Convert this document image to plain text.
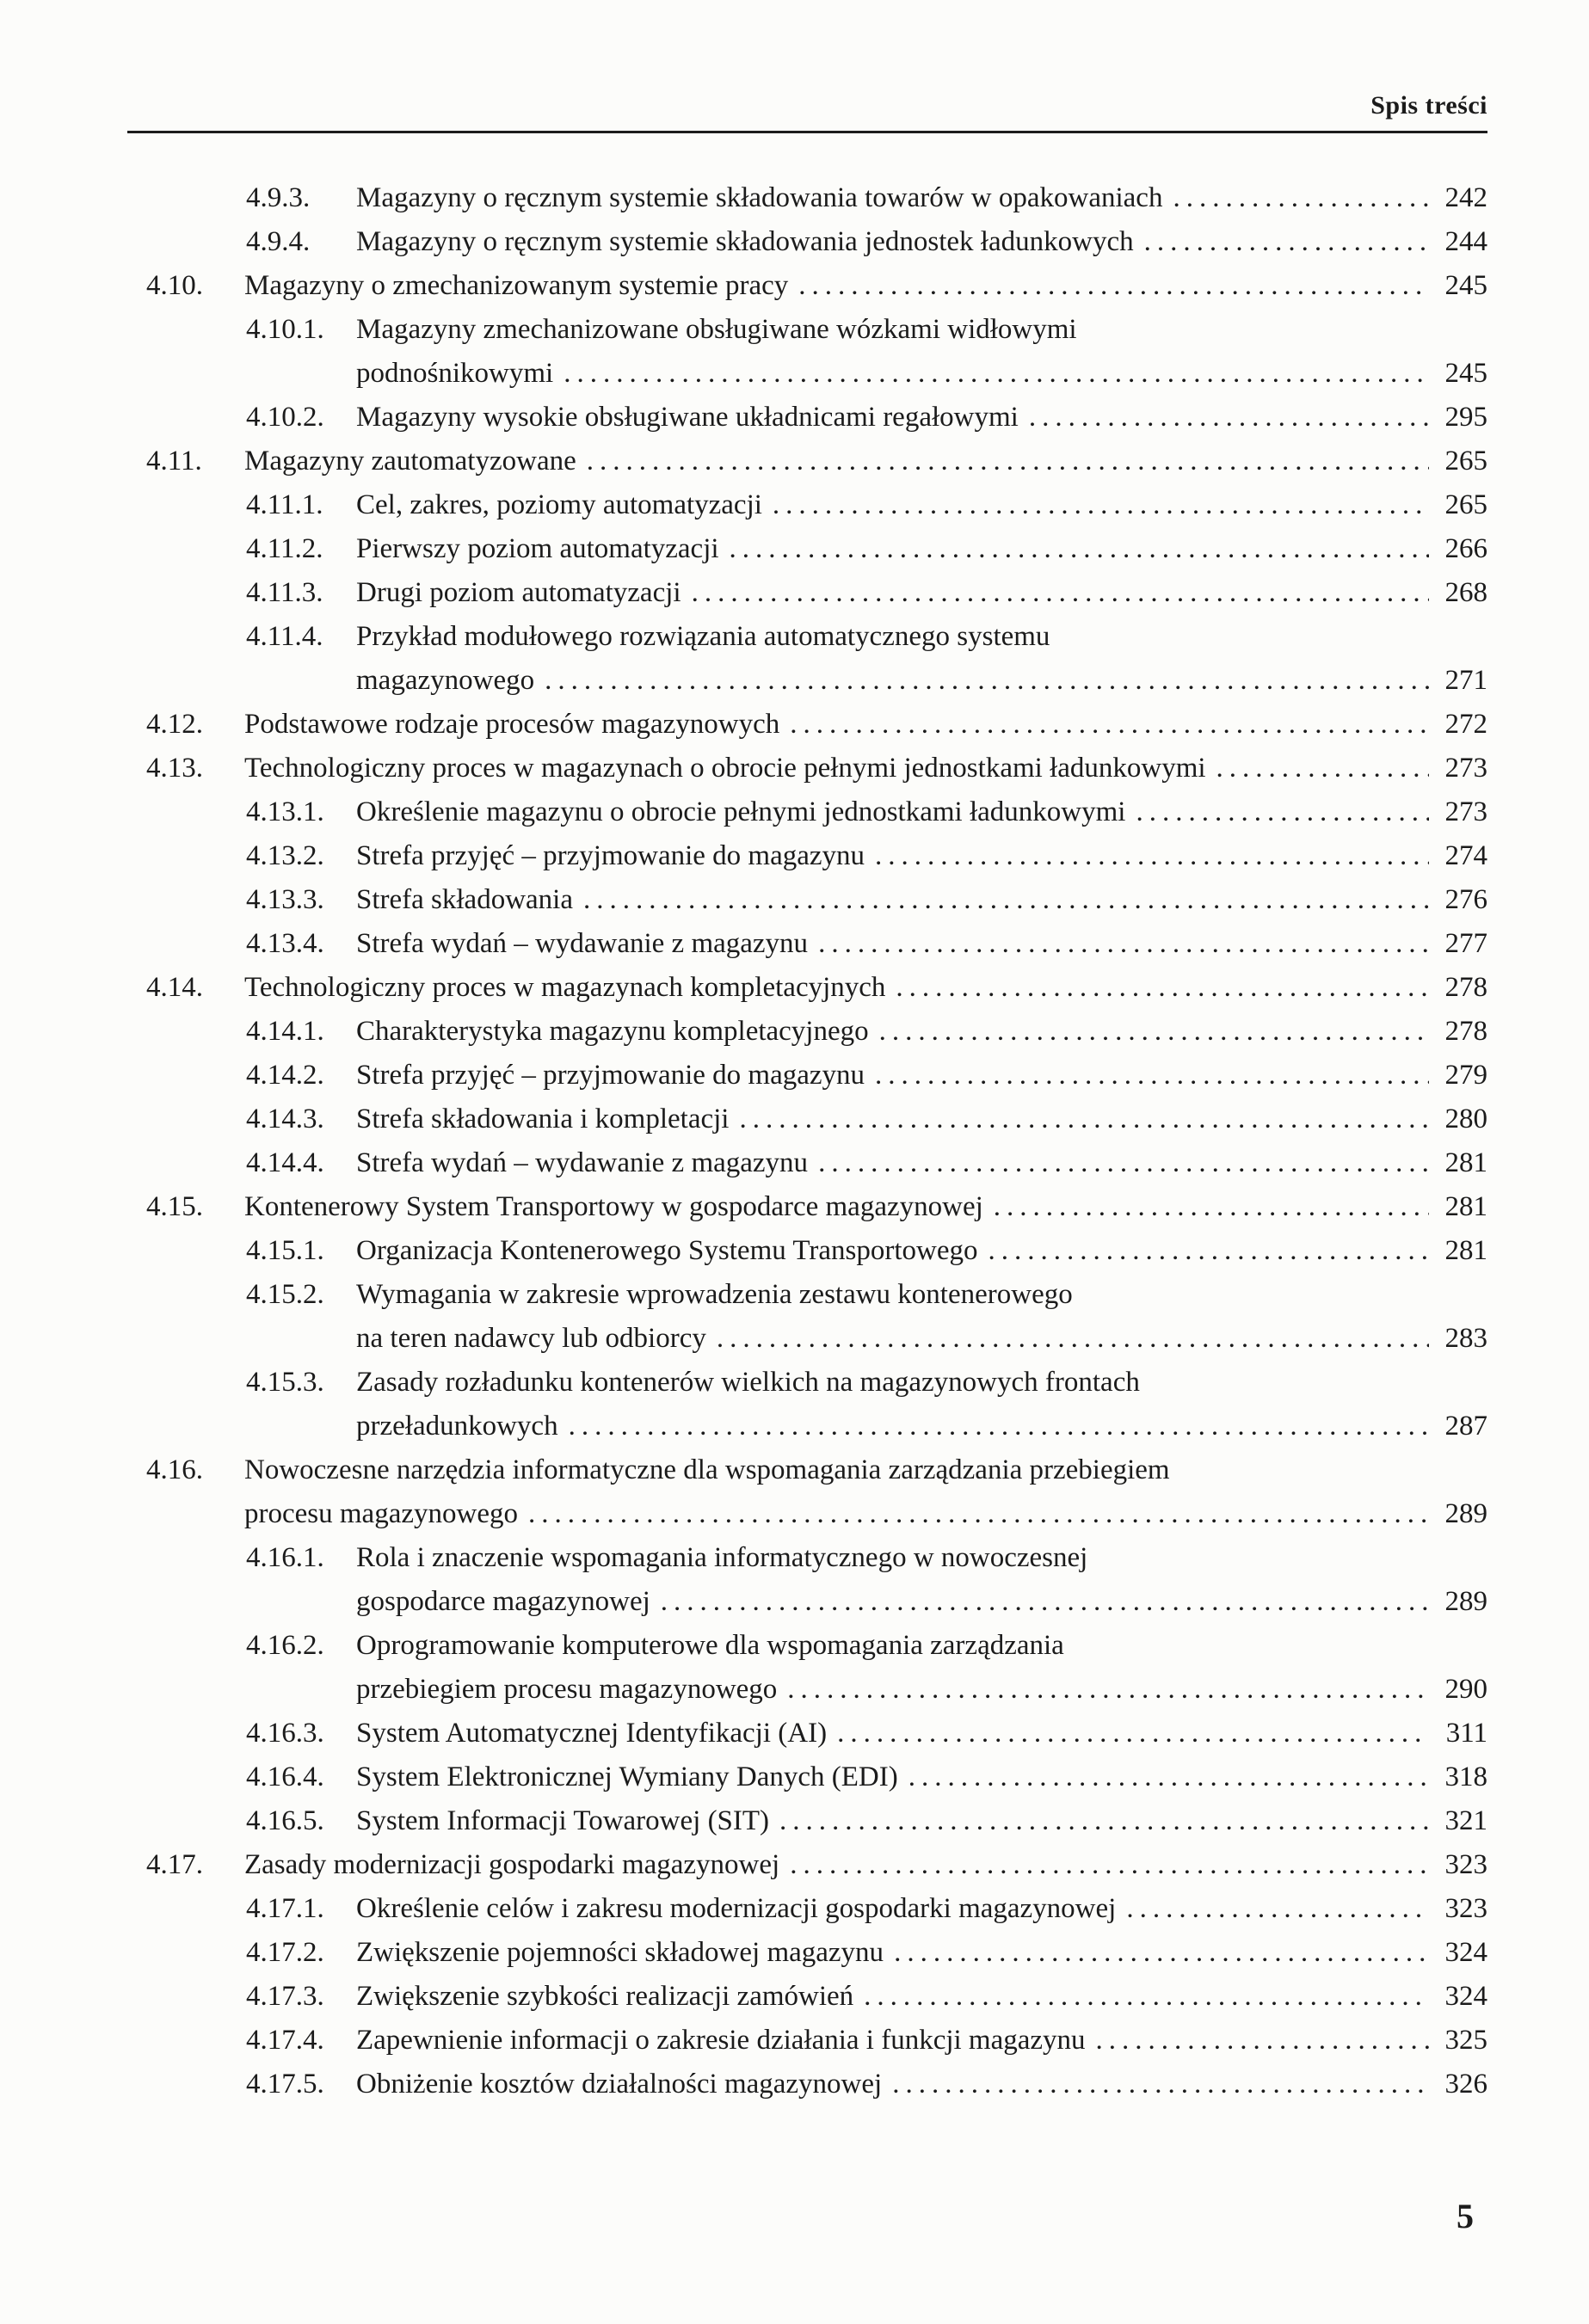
Spis treści
4.9.3.	Magazyny o ręcznym systemie składowania towarów w opakowaniach .....	242
4.9.4.	Magazyny o ręcznym systemie składowania jednostek ładunkowych .....	244
4.10.	Magazyny o zmechanizowanym systemie pracy .....	245
4.10.1.	Magazyny zmechanizowane obsługiwane wózkami widłowymi
podnośnikowymi .....	245
4.10.2.	Magazyny wysokie obsługiwane układnicami regałowymi .....	295
4.11.	Magazyny zautomatyzowane .....	265
4.11.1.	Cel, zakres, poziomy automatyzacji .....	265
4.11.2.	Pierwszy poziom automatyzacji .....	266
4.11.3.	Drugi poziom automatyzacji .....	268
4.11.4.	Przykład modułowego rozwiązania automatycznego systemu
magazynowego .....	271
4.12.	Podstawowe rodzaje procesów magazynowych .....	272
4.13.	Technologiczny proces w magazynach o obrocie pełnymi jednostkami ładunkowymi .....	273
4.13.1.	Określenie magazynu o obrocie pełnymi jednostkami ładunkowymi .....	273
4.13.2.	Strefa przyjęć – przyjmowanie do magazynu .....	274
4.13.3.	Strefa składowania .....	276
4.13.4.	Strefa wydań – wydawanie z magazynu .....	277
4.14.	Technologiczny proces w magazynach kompletacyjnych .....	278
4.14.1.	Charakterystyka magazynu kompletacyjnego .....	278
4.14.2.	Strefa przyjęć – przyjmowanie do magazynu .....	279
4.14.3.	Strefa składowania i kompletacji .....	280
4.14.4.	Strefa wydań – wydawanie z magazynu .....	281
4.15.	Kontenerowy System Transportowy w gospodarce magazynowej .....	281
4.15.1.	Organizacja Kontenerowego Systemu Transportowego .....	281
4.15.2.	Wymagania w zakresie wprowadzenia zestawu kontenerowego
na teren nadawcy lub odbiorcy .....	283
4.15.3.	Zasady rozładunku kontenerów wielkich na magazynowych frontach
przeładunkowych .....	287
4.16.	Nowoczesne narzędzia informatyczne dla wspomagania zarządzania przebiegiem
procesu magazynowego .....	289
4.16.1.	Rola i znaczenie wspomagania informatycznego w nowoczesnej
gospodarce magazynowej .....	289
4.16.2.	Oprogramowanie komputerowe dla wspomagania zarządzania
przebiegiem procesu magazynowego .....	290
4.16.3.	System Automatycznej Identyfikacji (AI) .....	311
4.16.4.	System Elektronicznej Wymiany Danych (EDI) .....	318
4.16.5.	System Informacji Towarowej (SIT) .....	321
4.17.	Zasady modernizacji gospodarki magazynowej .....	323
4.17.1.	Określenie celów i zakresu modernizacji gospodarki magazynowej .....	323
4.17.2.	Zwiększenie pojemności składowej magazynu .....	324
4.17.3.	Zwiększenie szybkości realizacji zamówień .....	324
4.17.4.	Zapewnienie informacji o zakresie działania i funkcji magazynu .....	325
4.17.5.	Obniżenie kosztów działalności magazynowej .....	326
5
